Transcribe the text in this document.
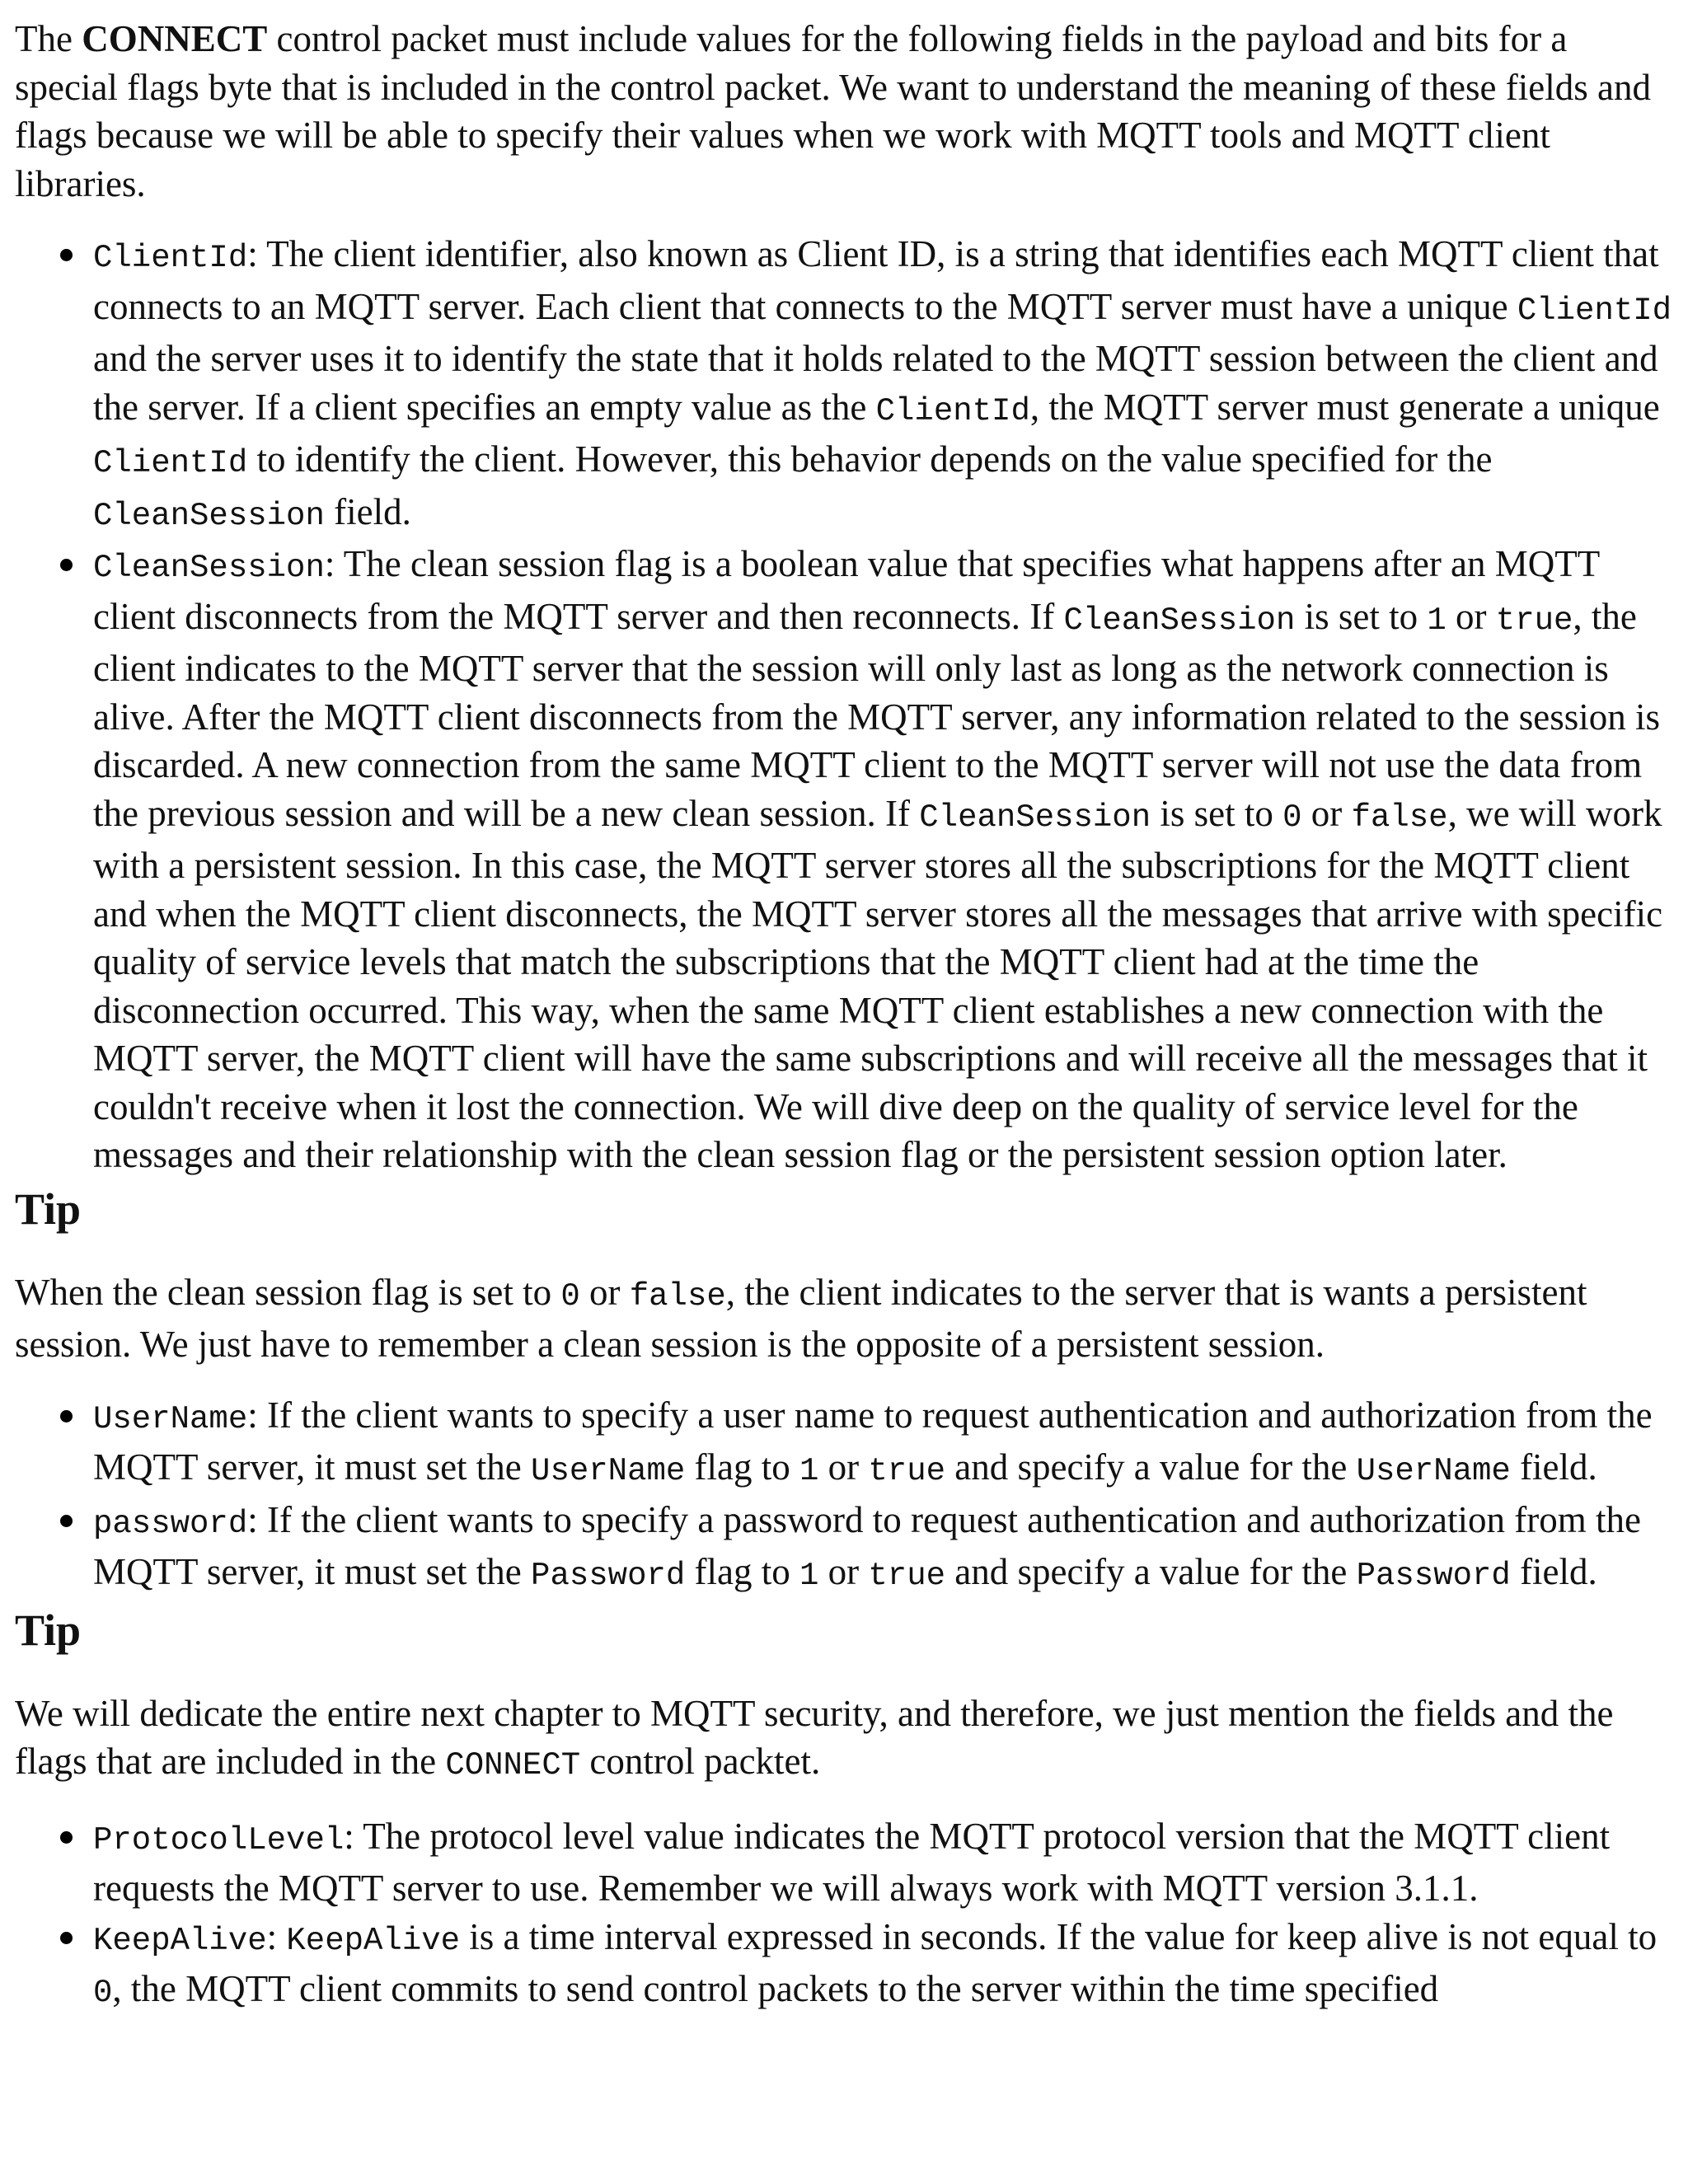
The CONNECT control packet must include values for the following fields in the payload and bits for a special flags byte that is included in the control packet. We want to understand the meaning of these fields and flags because we will be able to specify their values when we work with MQTT tools and MQTT client libraries.

ClientId: The client identifier, also known as Client ID, is a string that identifies each MQTT client that connects to an MQTT server. Each client that connects to the MQTT server must have a unique ClientId and the server uses it to identify the state that it holds related to the MQTT session between the client and the server. If a client specifies an empty value as the ClientId, the MQTT server must generate a unique ClientId to identify the client. However, this behavior depends on the value specified for the CleanSession field.
CleanSession: The clean session flag is a boolean value that specifies what happens after an MQTT client disconnects from the MQTT server and then reconnects. If CleanSession is set to 1 or true, the client indicates to the MQTT server that the session will only last as long as the network connection is alive. After the MQTT client disconnects from the MQTT server, any information related to the session is discarded. A new connection from the same MQTT client to the MQTT server will not use the data from the previous session and will be a new clean session. If CleanSession is set to 0 or false, we will work with a persistent session. In this case, the MQTT server stores all the subscriptions for the MQTT client and when the MQTT client disconnects, the MQTT server stores all the messages that arrive with specific quality of service levels that match the subscriptions that the MQTT client had at the time the disconnection occurred. This way, when the same MQTT client establishes a new connection with the MQTT server, the MQTT client will have the same subscriptions and will receive all the messages that it couldn't receive when it lost the connection. We will dive deep on the quality of service level for the messages and their relationship with the clean session flag or the persistent session option later.
Tip

When the clean session flag is set to 0 or false, the client indicates to the server that is wants a persistent session. We just have to remember a clean session is the opposite of a persistent session.

UserName: If the client wants to specify a user name to request authentication and authorization from the MQTT server, it must set the UserName flag to 1 or true and specify a value for the UserName field.
password: If the client wants to specify a password to request authentication and authorization from the MQTT server, it must set the Password flag to 1 or true and specify a value for the Password field.
Tip

We will dedicate the entire next chapter to MQTT security, and therefore, we just mention the fields and the flags that are included in the CONNECT control packtet.

ProtocolLevel: The protocol level value indicates the MQTT protocol version that the MQTT client requests the MQTT server to use. Remember we will always work with MQTT version 3.1.1.
KeepAlive: KeepAlive is a time interval expressed in seconds. If the value for keep alive is not equal to 0, the MQTT client commits to send control packets to the server within the time specified
